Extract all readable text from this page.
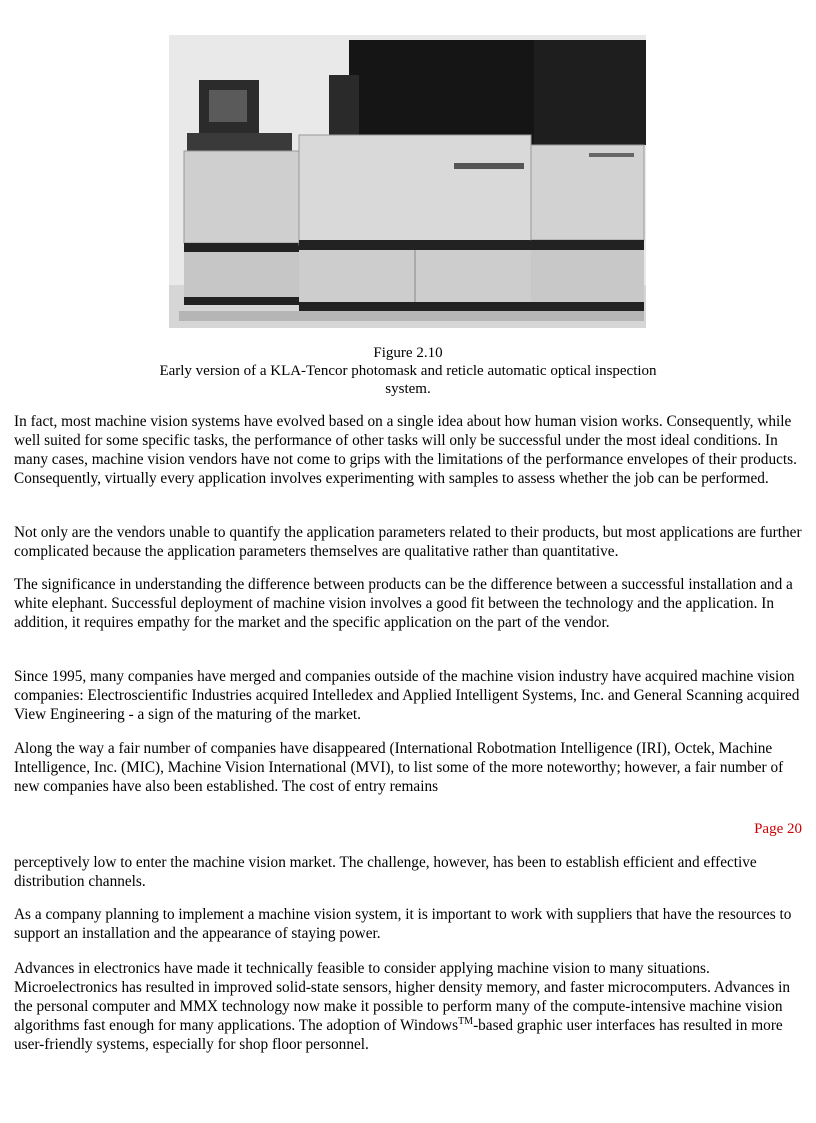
Figure 2.10
Early version of a KLA-Tencor photomask and reticle automatic optical inspection system.

In fact, most machine vision systems have evolved based on a single idea about how human vision works. Consequently, while well suited for some specific tasks, the performance of other tasks will only be successful under the most ideal conditions. In many cases, machine vision vendors have not come to grips with the limitations of the performance envelopes of their products. Consequently, virtually every application involves experimenting with samples to assess whether the job can be performed.

Not only are the vendors unable to quantify the application parameters related to their products, but most applications are further complicated because the application parameters themselves are qualitative rather than quantitative.

The significance in understanding the difference between products can be the difference between a successful installation and a white elephant. Successful deployment of machine vision involves a good fit between the technology and the application. In addition, it requires empathy for the market and the specific application on the part of the vendor.

Since 1995, many companies have merged and companies outside of the machine vision industry have acquired machine vision companies: Electroscientific Industries acquired Intelledex and Applied Intelligent Systems, Inc. and General Scanning acquired View Engineering - a sign of the maturing of the market.

Along the way a fair number of companies have disappeared (International Robotmation Intelligence (IRI), Octek, Machine Intelligence, Inc. (MIC), Machine Vision International (MVI), to list some of the more noteworthy; however, a fair number of new companies have also been established. The cost of entry remains

Page 20

perceptively low to enter the machine vision market. The challenge, however, has been to establish efficient and effective distribution channels.

As a company planning to implement a machine vision system, it is important to work with suppliers that have the resources to support an installation and the appearance of staying power.

Advances in electronics have made it technically feasible to consider applying machine vision to many situations. Microelectronics has resulted in improved solid-state sensors, higher density memory, and faster microcomputers. Advances in the personal computer and MMX technology now make it possible to perform many of the compute-intensive machine vision algorithms fast enough for many applications. The adoption of Windows™-based graphic user interfaces has resulted in more user-friendly systems, especially for shop floor personnel.
